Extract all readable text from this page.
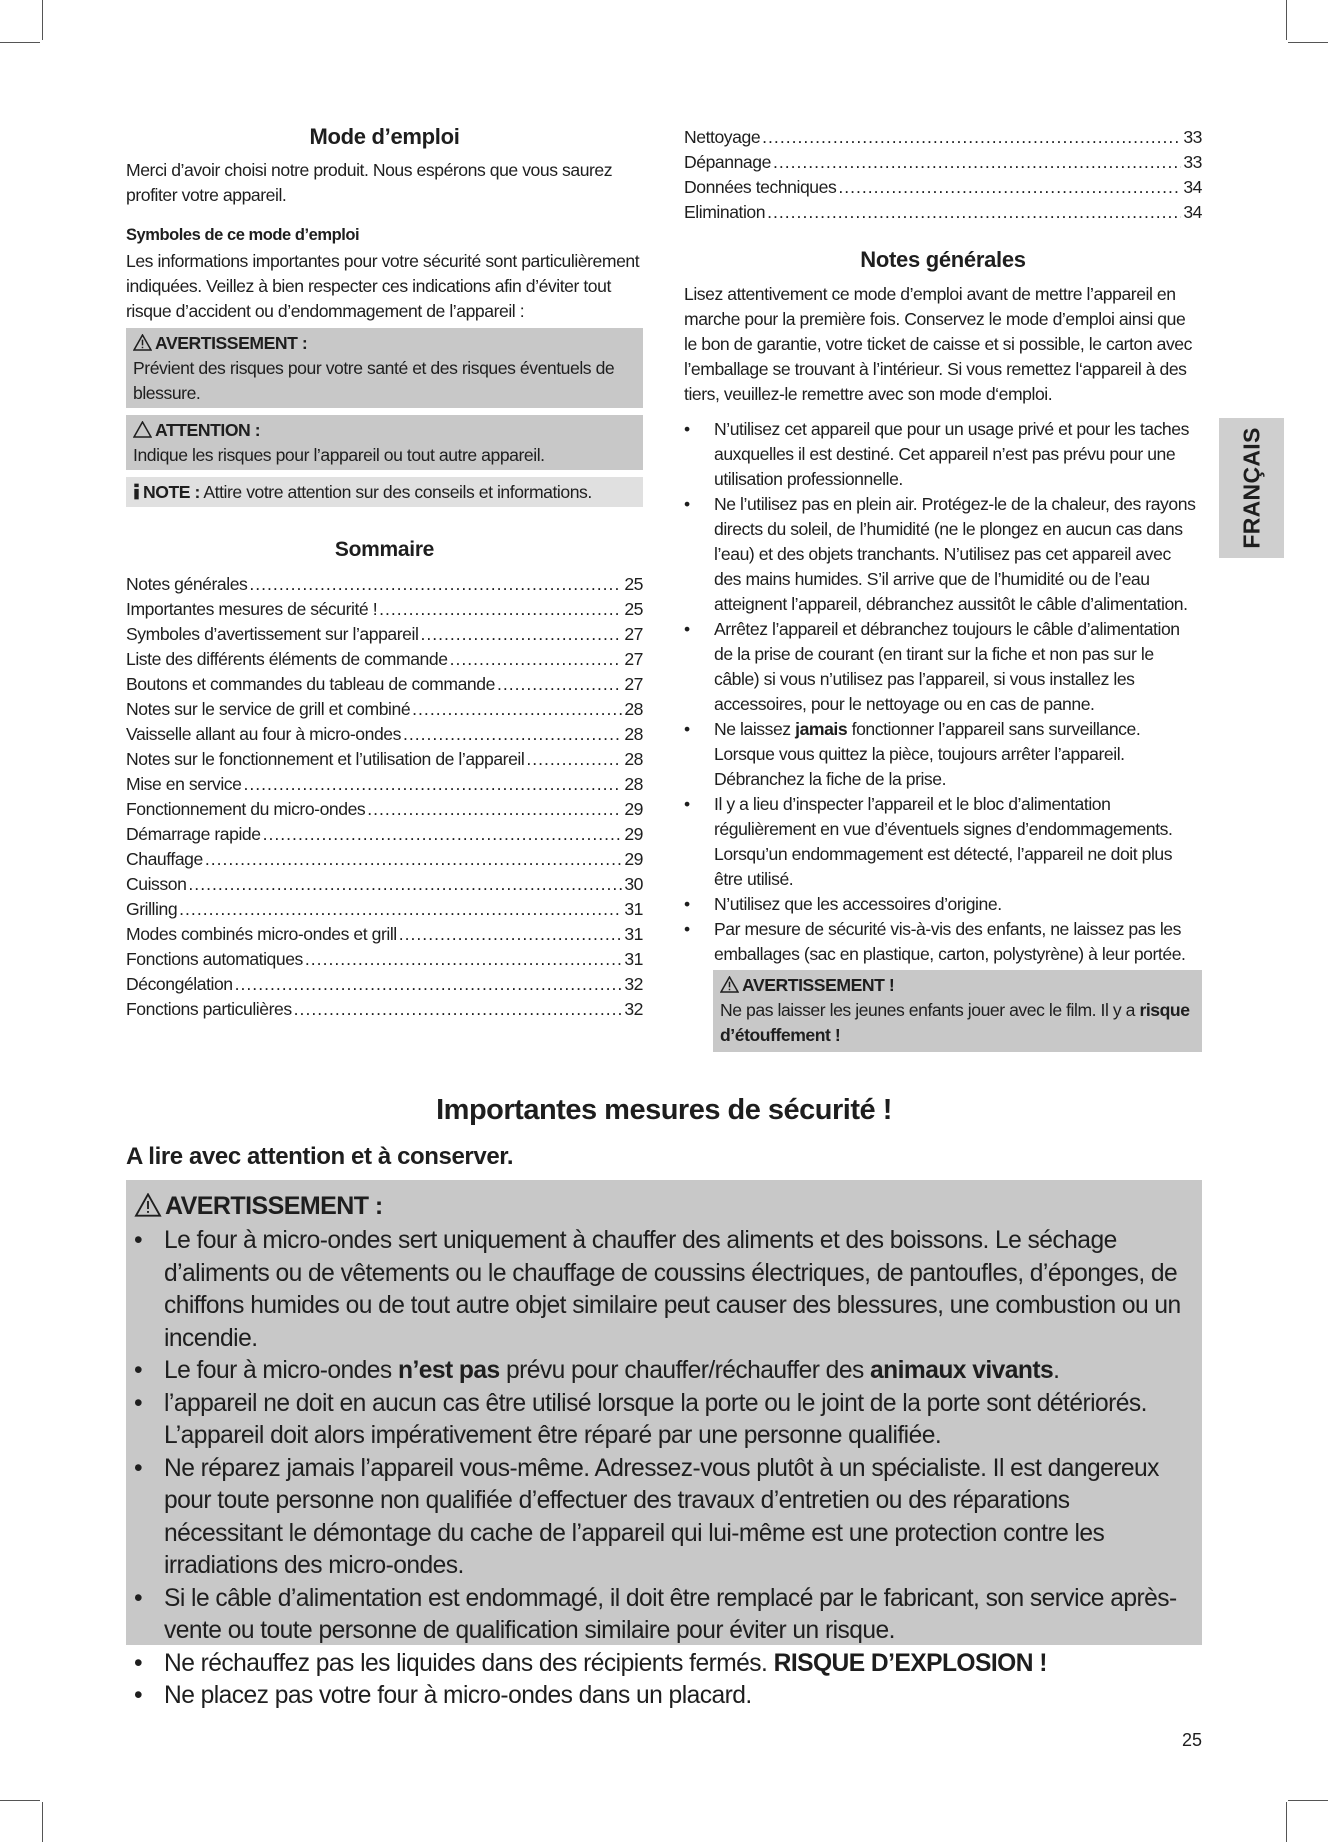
Mode d’emploi

Merci d’avoir choisi notre produit. Nous espérons que vous saurez profiter votre appareil.

Symboles de ce mode d’emploi

Les informations importantes pour votre sécurité sont particulièrement indiquées. Veillez à bien respecter ces indications afin d’éviter tout risque d’accident ou d’endommagement de l’appareil :

AVERTISSEMENT :
Prévient des risques pour votre santé et des risques éventuels de blessure.
ATTENTION :
Indique les risques pour l’appareil ou tout autre appareil.
NOTE : Attire votre attention sur des conseils et informations.
Sommaire
Notes générales .....	25
Importantes mesures de sécurité ! .....	25
Symboles d’avertissement sur l’appareil .....	27
Liste des différents éléments de commande .....	27
Boutons et commandes du tableau de commande .....	27
Notes sur le service de grill et combiné .....	28
Vaisselle allant au four à micro-ondes .....	28
Notes sur le fonctionnement et l’utilisation de l’appareil .....	28
Mise en service .....	28
Fonctionnement du micro-ondes .....	29
Démarrage rapide .....	29
Chauffage .....	29
Cuisson .....	30
Grilling .....	31
Modes combinés micro-ondes et grill .....	31
Fonctions automatiques .....	31
Décongélation .....	32
Fonctions particulières .....	32
Nettoyage .....	33
Dépannage .....	33
Données techniques .....	34
Elimination .....	34
Notes générales

Lisez attentivement ce mode d’emploi avant de mettre l’appareil en marche pour la première fois. Conservez le mode d’emploi ainsi que le bon de garantie, votre ticket de caisse et si possible, le carton avec l’emballage se trouvant à l’intérieur. Si vous remettez l‘appareil à des tiers, veuillez-le remettre avec son mode d‘emploi.

• N’utilisez cet appareil que pour un usage privé et pour les taches auxquelles il est destiné. Cet appareil n’est pas prévu pour une utilisation professionnelle.
• Ne l’utilisez pas en plein air. Protégez-le de la chaleur, des rayons directs du soleil, de l’humidité (ne le plongez en aucun cas dans l’eau) et des objets tranchants. N’utilisez pas cet appareil avec des mains humides. S’il arrive que de l’humidité ou de l’eau atteignent l’appareil, débranchez aussitôt le câble d’alimentation.
• Arrêtez l’appareil et débranchez toujours le câble d’alimentation de la prise de courant (en tirant sur la fiche et non pas sur le câble) si vous n’utilisez pas l’appareil, si vous installez les accessoires, pour le nettoyage ou en cas de panne.
• Ne laissez jamais fonctionner l’appareil sans surveillance. Lorsque vous quittez la pièce, toujours arrêter l’appareil. Débranchez la fiche de la prise.
• Il y a lieu d’inspecter l’appareil et le bloc d’alimentation régulièrement en vue d’éventuels signes d’endommagements. Lorsqu’un endommagement est détecté, l’appareil ne doit plus être utilisé.
• N’utilisez que les accessoires d’origine.
• Par mesure de sécurité vis-à-vis des enfants, ne laissez pas les emballages (sac en plastique, carton, polystyrène) à leur portée.
AVERTISSEMENT !
Ne pas laisser les jeunes enfants jouer avec le film. Il y a risque d’étouffement !
FRANÇAIS
Importantes mesures de sécurité !
A lire avec attention et à conserver.
AVERTISSEMENT :
• Le four à micro-ondes sert uniquement à chauffer des aliments et des boissons. Le séchage d’aliments ou de vêtements ou le chauffage de coussins électriques, de pantoufles, d’éponges, de chiffons humides ou de tout autre objet similaire peut causer des blessures, une combustion ou un incendie.
• Le four à micro-ondes n’est pas prévu pour chauffer/réchauffer des animaux vivants.
• l’appareil ne doit en aucun cas être utilisé lorsque la porte ou le joint de la porte sont détériorés. L’appareil doit alors impérativement être réparé par une personne qualifiée.
• Ne réparez jamais l’appareil vous-même. Adressez-vous plutôt à un spécialiste. Il est dangereux pour toute personne non qualifiée d’effectuer des travaux d’entretien ou des réparations nécessitant le démontage du cache de l’appareil qui lui-même est une protection contre les irradiations des micro-ondes.
• Si le câble d’alimentation est endommagé, il doit être remplacé par le fabricant, son service après-vente ou toute personne de qualification similaire pour éviter un risque.
• Ne réchauffez pas les liquides dans des récipients fermés. RISQUE D’EXPLOSION !
• Ne placez pas votre four à micro-ondes dans un placard.
25
